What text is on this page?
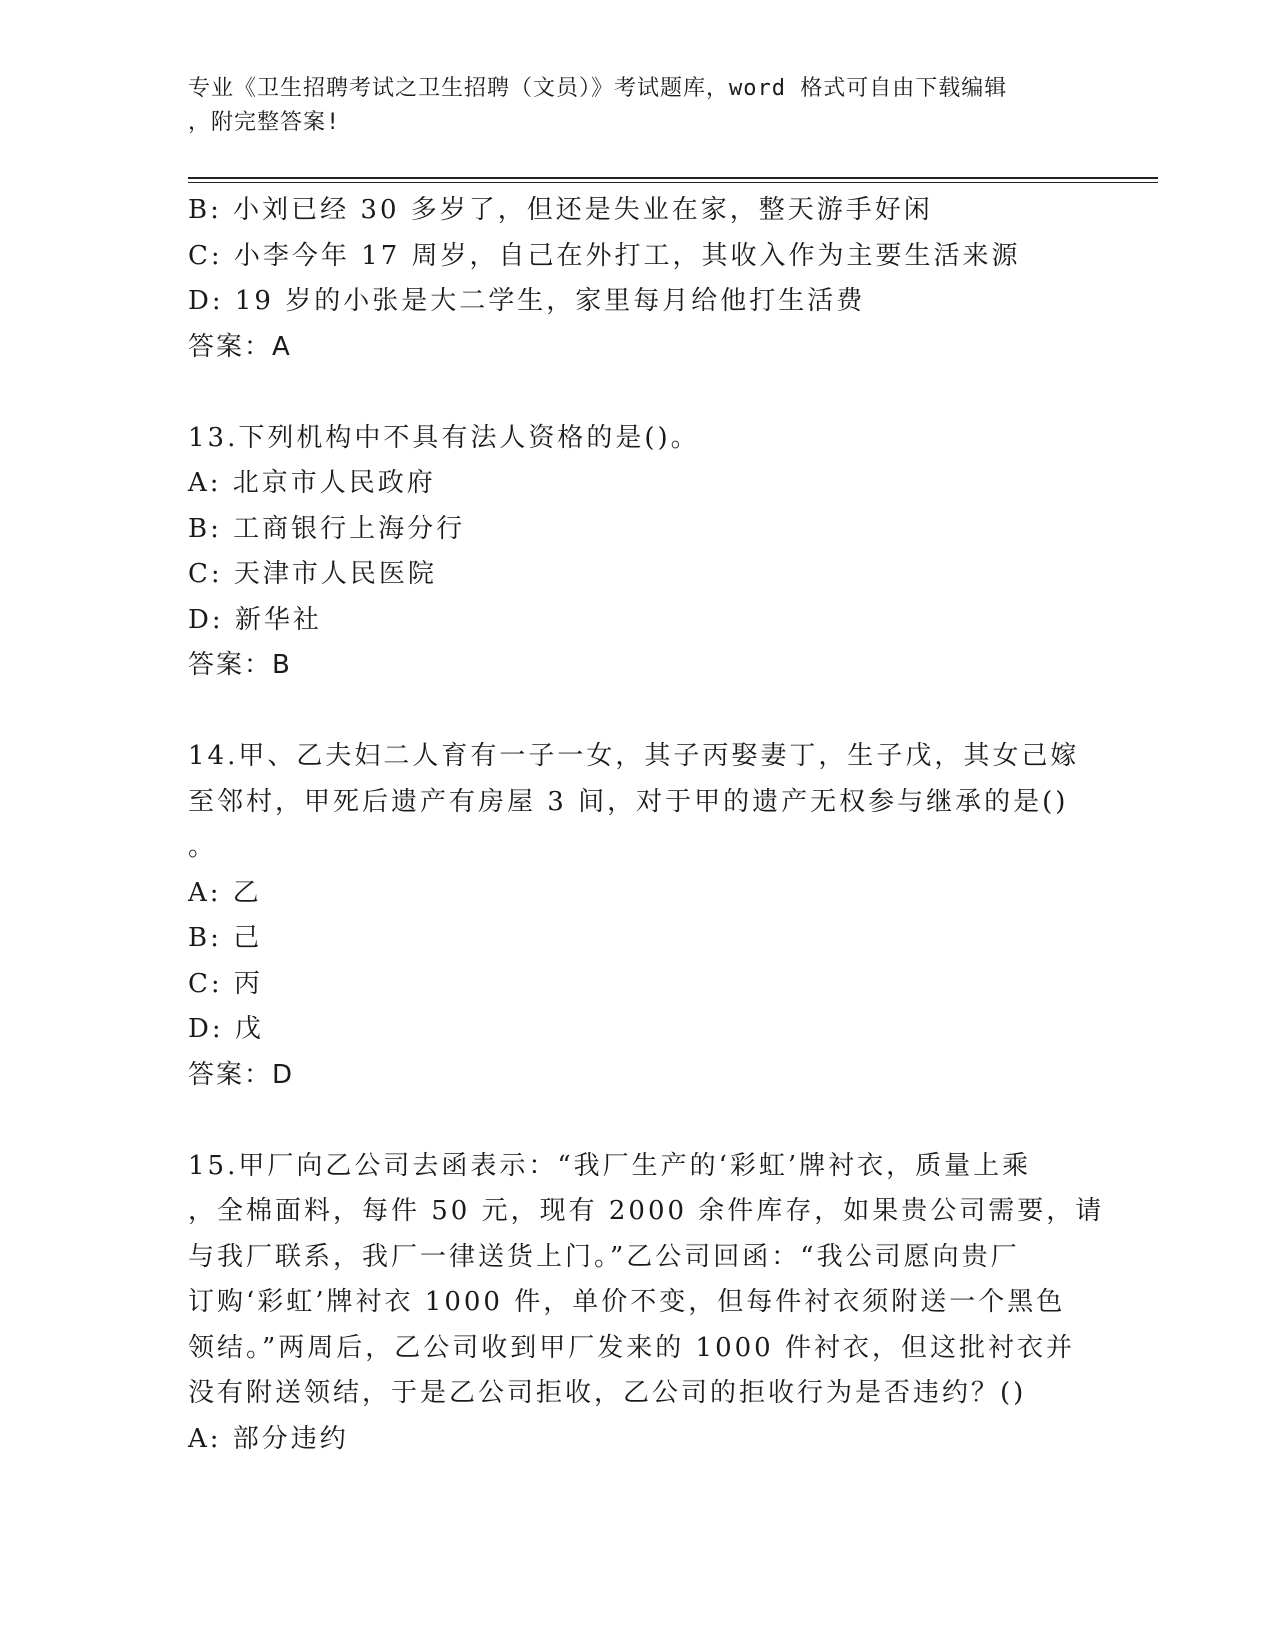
专业《卫生招聘考试之卫生招聘（文员）》考试题库，word 格式可自由下载编辑
，附完整答案!
B: 小刘已经 30 多岁了，但还是失业在家，整天游手好闲
C: 小李今年 17 周岁，自己在外打工，其收入作为主要生活来源
D: 19 岁的小张是大二学生，家里每月给他打生活费
答案：A
13.下列机构中不具有法人资格的是()。
A: 北京市人民政府
B: 工商银行上海分行
C: 天津市人民医院
D: 新华社
答案：B
14.甲、乙夫妇二人育有一子一女，其子丙娶妻丁，生子戊，其女己嫁
至邻村，甲死后遗产有房屋 3 间，对于甲的遗产无权参与继承的是()
。
A: 乙
B: 己
C: 丙
D: 戊
答案：D
15.甲厂向乙公司去函表示：“我厂生产的‘彩虹’牌衬衣，质量上乘
，全棉面料，每件 50 元，现有 2000 余件库存，如果贵公司需要，请
与我厂联系，我厂一律送货上门。”乙公司回函：“我公司愿向贵厂
订购‘彩虹’牌衬衣 1000 件，单价不变，但每件衬衣须附送一个黑色
领结。”两周后，乙公司收到甲厂发来的 1000 件衬衣，但这批衬衣并
没有附送领结，于是乙公司拒收，乙公司的拒收行为是否违约？()
A: 部分违约
